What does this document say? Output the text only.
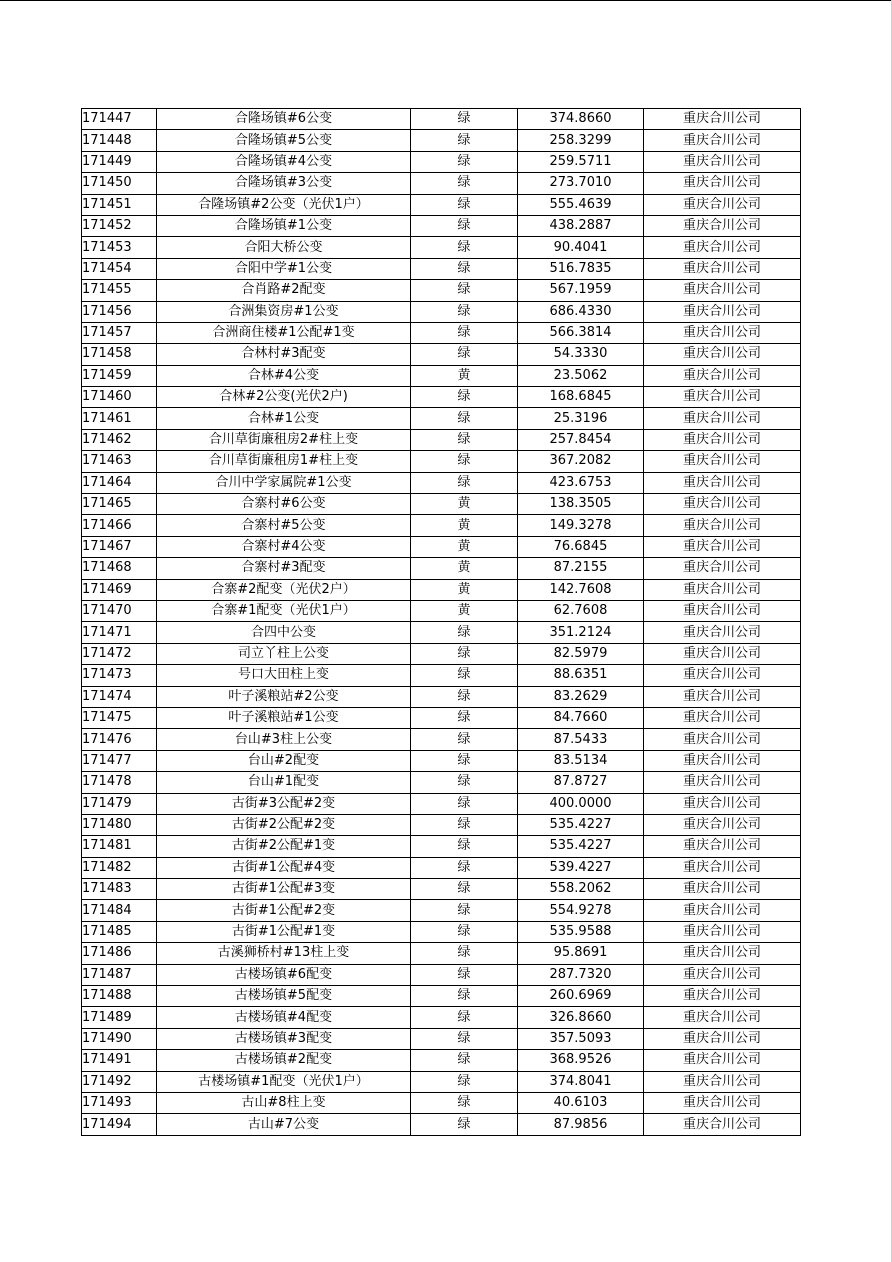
171447	合隆场镇#6公变	绿	374.8660	重庆合川公司
171448	合隆场镇#5公变	绿	258.3299	重庆合川公司
171449	合隆场镇#4公变	绿	259.5711	重庆合川公司
171450	合隆场镇#3公变	绿	273.7010	重庆合川公司
171451	合隆场镇#2公变（光伏1户）	绿	555.4639	重庆合川公司
171452	合隆场镇#1公变	绿	438.2887	重庆合川公司
171453	合阳大桥公变	绿	90.4041	重庆合川公司
171454	合阳中学#1公变	绿	516.7835	重庆合川公司
171455	合肖路#2配变	绿	567.1959	重庆合川公司
171456	合洲集资房#1公变	绿	686.4330	重庆合川公司
171457	合洲商住楼#1公配#1变	绿	566.3814	重庆合川公司
171458	合林村#3配变	绿	54.3330	重庆合川公司
171459	合林#4公变	黄	23.5062	重庆合川公司
171460	合林#2公变(光伏2户)	绿	168.6845	重庆合川公司
171461	合林#1公变	绿	25.3196	重庆合川公司
171462	合川草街廉租房2#柱上变	绿	257.8454	重庆合川公司
171463	合川草街廉租房1#柱上变	绿	367.2082	重庆合川公司
171464	合川中学家属院#1公变	绿	423.6753	重庆合川公司
171465	合寨村#6公变	黄	138.3505	重庆合川公司
171466	合寨村#5公变	黄	149.3278	重庆合川公司
171467	合寨村#4公变	黄	76.6845	重庆合川公司
171468	合寨村#3配变	黄	87.2155	重庆合川公司
171469	合寨#2配变（光伏2户）	黄	142.7608	重庆合川公司
171470	合寨#1配变（光伏1户）	黄	62.7608	重庆合川公司
171471	合四中公变	绿	351.2124	重庆合川公司
171472	司立丫柱上公变	绿	82.5979	重庆合川公司
171473	号口大田柱上变	绿	88.6351	重庆合川公司
171474	叶子溪粮站#2公变	绿	83.2629	重庆合川公司
171475	叶子溪粮站#1公变	绿	84.7660	重庆合川公司
171476	台山#3柱上公变	绿	87.5433	重庆合川公司
171477	台山#2配变	绿	83.5134	重庆合川公司
171478	台山#1配变	绿	87.8727	重庆合川公司
171479	古街#3公配#2变	绿	400.0000	重庆合川公司
171480	古街#2公配#2变	绿	535.4227	重庆合川公司
171481	古街#2公配#1变	绿	535.4227	重庆合川公司
171482	古街#1公配#4变	绿	539.4227	重庆合川公司
171483	古街#1公配#3变	绿	558.2062	重庆合川公司
171484	古街#1公配#2变	绿	554.9278	重庆合川公司
171485	古街#1公配#1变	绿	535.9588	重庆合川公司
171486	古溪狮桥村#13柱上变	绿	95.8691	重庆合川公司
171487	古楼场镇#6配变	绿	287.7320	重庆合川公司
171488	古楼场镇#5配变	绿	260.6969	重庆合川公司
171489	古楼场镇#4配变	绿	326.8660	重庆合川公司
171490	古楼场镇#3配变	绿	357.5093	重庆合川公司
171491	古楼场镇#2配变	绿	368.9526	重庆合川公司
171492	古楼场镇#1配变（光伏1户）	绿	374.8041	重庆合川公司
171493	古山#8柱上变	绿	40.6103	重庆合川公司
171494	古山#7公变	绿	87.9856	重庆合川公司
